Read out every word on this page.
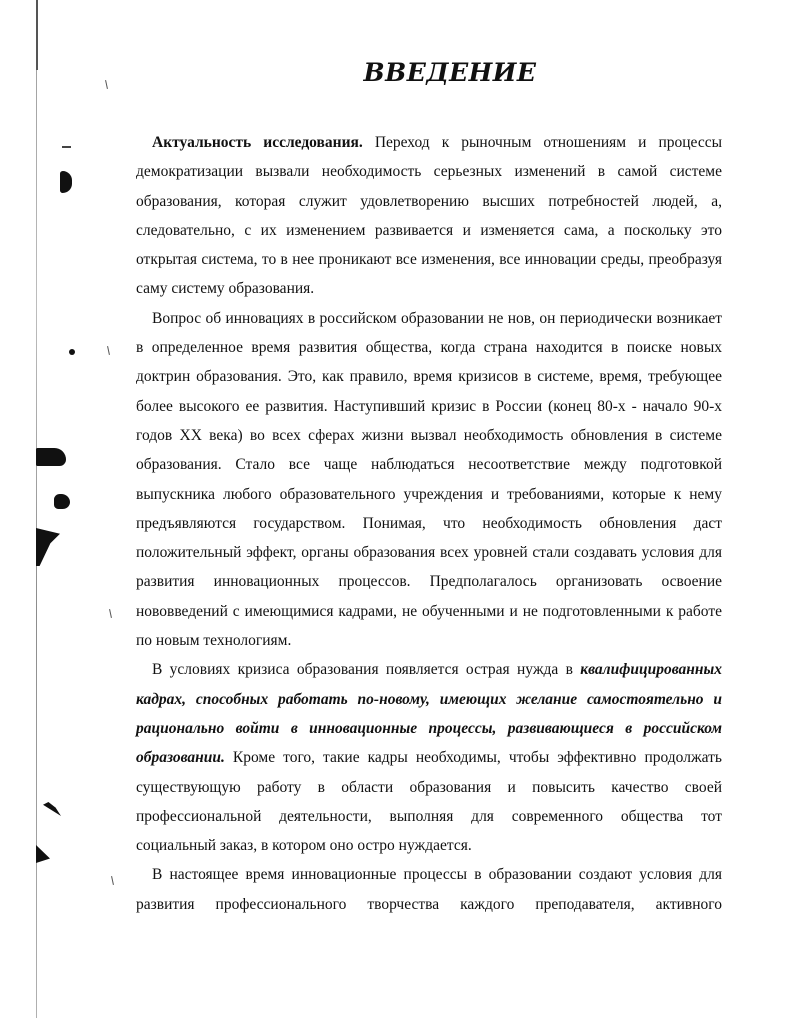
ВВЕДЕНИЕ

Актуальность исследования. Переход к рыночным отношениям и процессы демократизации вызвали необходимость серьезных изменений в самой системе образования, которая служит удовлетворению высших потребностей людей, а, следовательно, с их изменением развивается и изменяется сама, а поскольку это открытая система, то в нее проникают все изменения, все инновации среды, преобразуя саму систему образования.

Вопрос об инновациях в российском образовании не нов, он периодически возникает в определенное время развития общества, когда страна находится в поиске новых доктрин образования. Это, как правило, время кризисов в системе, время, требующее более высокого ее развития. Наступивший кризис в России (конец 80-х - начало 90-х годов XX века) во всех сферах жизни вызвал необходимость обновления в системе образования. Стало все чаще наблюдаться несоответствие между подготовкой выпускника любого образовательного учреждения и требованиями, которые к нему предъявляются государством. Понимая, что необходимость обновления даст положительный эффект, органы образования всех уровней стали создавать условия для развития инновационных процессов. Предполагалось организовать освоение нововведений с имеющимися кадрами, не обученными и не подготовленными к работе по новым технологиям.

В условиях кризиса образования появляется острая нужда в квалифицированных кадрах, способных работать по-новому, имеющих желание самостоятельно и рационально войти в инновационные процессы, развивающиеся в российском образовании. Кроме того, такие кадры необходимы, чтобы эффективно продолжать существующую работу в области образования и повысить качество своей профессиональной деятельности, выполняя для современного общества тот социальный заказ, в котором оно остро нуждается.

В настоящее время инновационные процессы в образовании создают условия для развития профессионального творчества каждого преподавателя, активного
